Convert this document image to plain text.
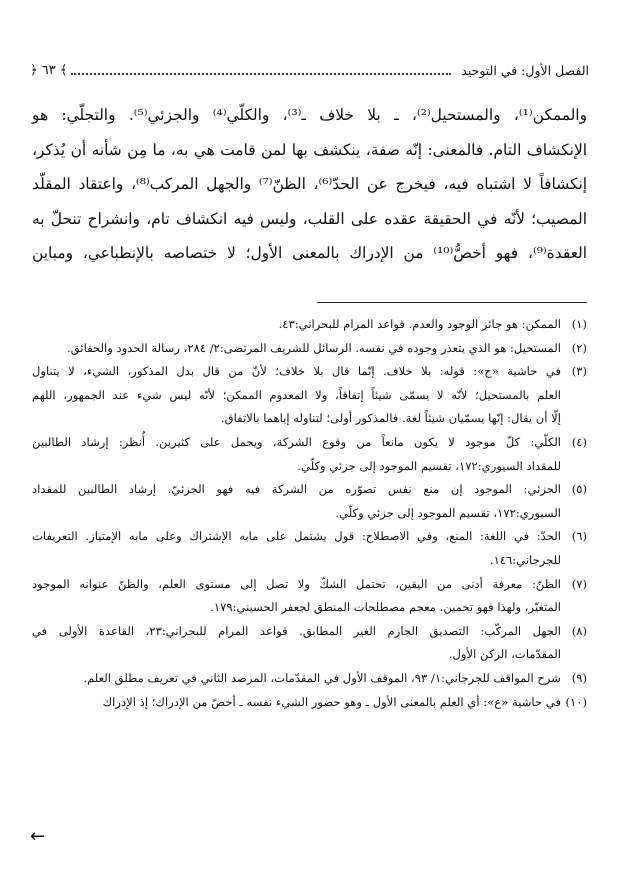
الفصل الأول: في التوحيد
﴾ ٦٣ ﴿

والممكن⁽¹⁾، والمستحيل⁽²⁾، ـ بلا خلاف ـ⁽³⁾، والكلّي⁽⁴⁾ والجزئي⁽⁵⁾. والتجلّي: هو

الإنكشاف التام. فالمعنى: إنّه صفة، ينكشف بها لمن قامت هي به، ما مِن شأنه أن يُذكر،

إنكشافاً لا اشتباه فيه، فيخرج عن الحدّ⁽⁶⁾، الظنّ⁽⁷⁾ والجهل المركب⁽⁸⁾، واعتقاد المقلّد

المصيب؛ لأنّه في الحقيقة عقده على القلب، وليس فيه انكشاف تام، وانشراح تنحلّ به

العقدة⁽⁹⁾، فهو أخصُّ⁽¹⁰⁾ من الإدراك بالمعنى الأول؛ لا ختصاصه بالإنطباعي، ومباين

(١)
الممكن: هو جائز الوجود والعدم. قواعد المرام للبحراني:٤٣.
(٢)
المستحيل: هو الذي يتعذر وجوده في نفسه. الرسائل للشريف المرتضى:٢/ ٢٨٤، رسالة الحدود والحقائق.
(٣)
في حاشية «ح»: قوله: بلا خلاف. إنّما قال بلا خلاف؛ لأنّ من قال بدل المذكور، الشيء، لا يتناول
العلم بالمستحيل؛ لأنّه لا يسمّى شيئاً إتفاقاً، ولا المعدوم الممكن؛ لأنّه ليس شيء عند الجمهور، اللهم
إلّا أن يقال: إنّها يسمّيان شيئاً لغة. فالمذكور أولى؛ لتناوله إياهما بالاتفاق.
(٤)
الكلّي: كلّ موجود لا يكون مانعاً من وقوع الشركة، ويحمل على كثيرين. أُنظر: إرشاد الطالبين
للمقداد السيوري:١٧٢، تقسيم الموجود إلى جزئي وكلّي.
(٥)
الجزئي: الموجود إن منع نفس تصوّره من الشركة فيه فهو الجزئيّ. إرشاد الطالبين للمقداد
السيوري:١٧٢، تقسيم الموجود إلى جزئي وكلّي.
(٦)
الحدّ: في اللغة: المنع، وفي الاصطلاح: قول يشتمل على مابه الإشتراك وعلى مابه الإمتياز. التعريفات
للجرجاني:١٤٦.
(٧)
الظنّ: معرفة أدنى من اليقين، تحتمل الشكّ ولا تصل إلى مستوى العلم، والظنّ عنوانه الموجود
المتغيّر، ولهذا فهو تخمين. معجم مصطلحات المنطق لجعفر الحسيني:١٧٩.
(٨)
الجهل المركّب: التصديق الجازم الغير المطابق. قواعد المرام للبحراني:٢٣، القاعدة الأولى في
المقدّمات، الركن الأول.
(٩)
شرح المواقف للجرجاني:١/ ٩٣، الموقف الأول في المقدّمات، المرصد الثاني في تعريف مطلق العلم.
(١٠)
في حاشية «ع»: أي العلم بالمعنى الأول ـ وهو حضور الشيء نفسه ـ أخصّ من الإدراك؛ إذ الإدراك
←
